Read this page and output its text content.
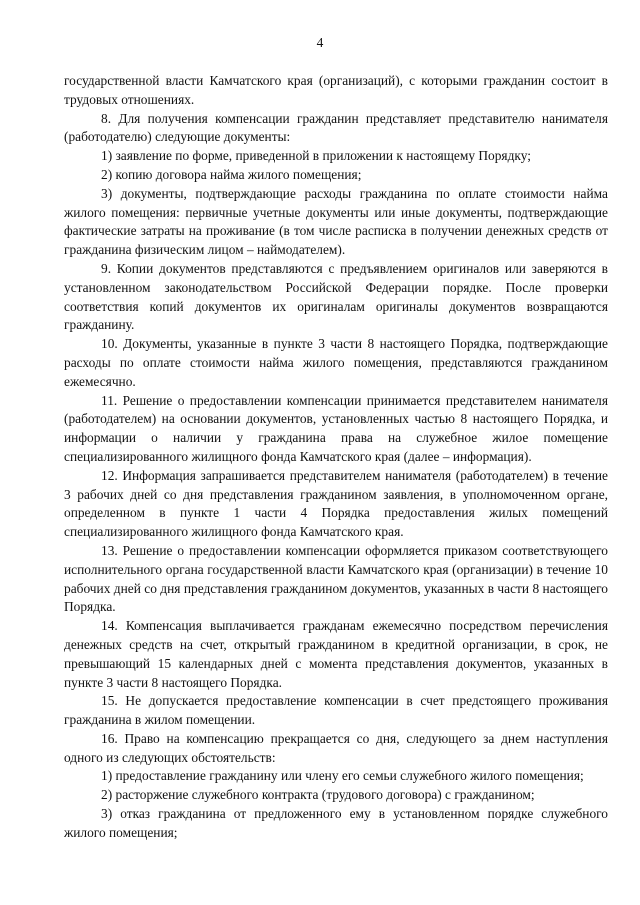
4

государственной власти Камчатского края (организаций), с которыми гражданин состоит в трудовых отношениях.

8. Для получения компенсации гражданин представляет представителю нанимателя (работодателю) следующие документы:

1) заявление по форме, приведенной в приложении к настоящему Порядку;

2) копию договора найма жилого помещения;

3) документы, подтверждающие расходы гражданина по оплате стоимости найма жилого помещения: первичные учетные документы или иные документы, подтверждающие фактические затраты на проживание (в том числе расписка в получении денежных средств от гражданина физическим лицом – наймодателем).

9. Копии документов представляются с предъявлением оригиналов или заверяются в установленном законодательством Российской Федерации порядке. После проверки соответствия копий документов их оригиналам оригиналы документов возвращаются гражданину.

10. Документы, указанные в пункте 3 части 8 настоящего Порядка, подтверждающие расходы по оплате стоимости найма жилого помещения, представляются гражданином ежемесячно.

11. Решение о предоставлении компенсации принимается представителем нанимателя (работодателем) на основании документов, установленных частью 8 настоящего Порядка, и информации о наличии у гражданина права на служебное жилое помещение специализированного жилищного фонда Камчатского края (далее – информация).

12. Информация запрашивается представителем нанимателя (работодателем) в течение 3 рабочих дней со дня представления гражданином заявления, в уполномоченном органе, определенном в пункте 1 части 4 Порядка предоставления жилых помещений специализированного жилищного фонда Камчатского края.

13. Решение о предоставлении компенсации оформляется приказом соответствующего исполнительного органа государственной власти Камчатского края (организации) в течение 10 рабочих дней со дня представления гражданином документов, указанных в части 8 настоящего Порядка.

14. Компенсация выплачивается гражданам ежемесячно посредством перечисления денежных средств на счет, открытый гражданином в кредитной организации, в срок, не превышающий 15 календарных дней с момента представления документов, указанных в пункте 3 части 8 настоящего Порядка.

15. Не допускается предоставление компенсации в счет предстоящего проживания гражданина в жилом помещении.

16. Право на компенсацию прекращается со дня, следующего за днем наступления одного из следующих обстоятельств:

1) предоставление гражданину или члену его семьи служебного жилого помещения;

2) расторжение служебного контракта (трудового договора) с гражданином;

3) отказ гражданина от предложенного ему в установленном порядке служебного жилого помещения;
